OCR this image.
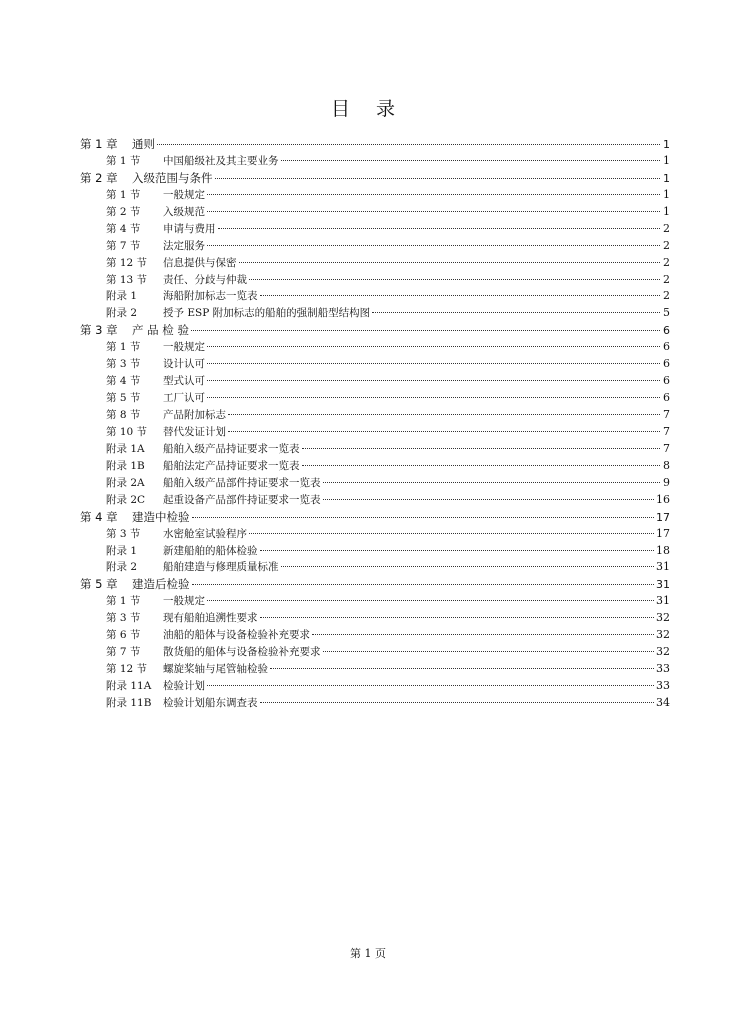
目 录
第 1 章	通则	1
第 1 节	中国船级社及其主要业务	1
第 2 章	入级范围与条件	1
第 1 节	一般规定	1
第 2 节	入级规范	1
第 4 节	申请与费用	2
第 7 节	法定服务	2
第 12 节	信息提供与保密	2
第 13 节	责任、分歧与仲裁	2
附录 1	海船附加标志一览表	2
附录 2	授予 ESP 附加标志的船舶的强制船型结构图	5
第 3 章	产 品 检 验	6
第 1 节	一般规定	6
第 3 节	设计认可	6
第 4 节	型式认可	6
第 5 节	工厂认可	6
第 8 节	产品附加标志	7
第 10 节	替代发证计划	7
附录 1A	船舶入级产品持证要求一览表	7
附录 1B	船舶法定产品持证要求一览表	8
附录 2A	船舶入级产品部件持证要求一览表	9
附录 2C	起重设备产品部件持证要求一览表	16
第 4 章	建造中检验	17
第 3 节	水密舱室试验程序	17
附录 1	新建船舶的船体检验	18
附录 2	船舶建造与修理质量标准	31
第 5 章	建造后检验	31
第 1 节	一般规定	31
第 3 节	现有船舶追溯性要求	32
第 6 节	油船的船体与设备检验补充要求	32
第 7 节	散货船的船体与设备检验补充要求	32
第 12 节	螺旋桨轴与尾管轴检验	33
附录 11A	检验计划	33
附录 11B	检验计划船东调查表	34
第 1 页
